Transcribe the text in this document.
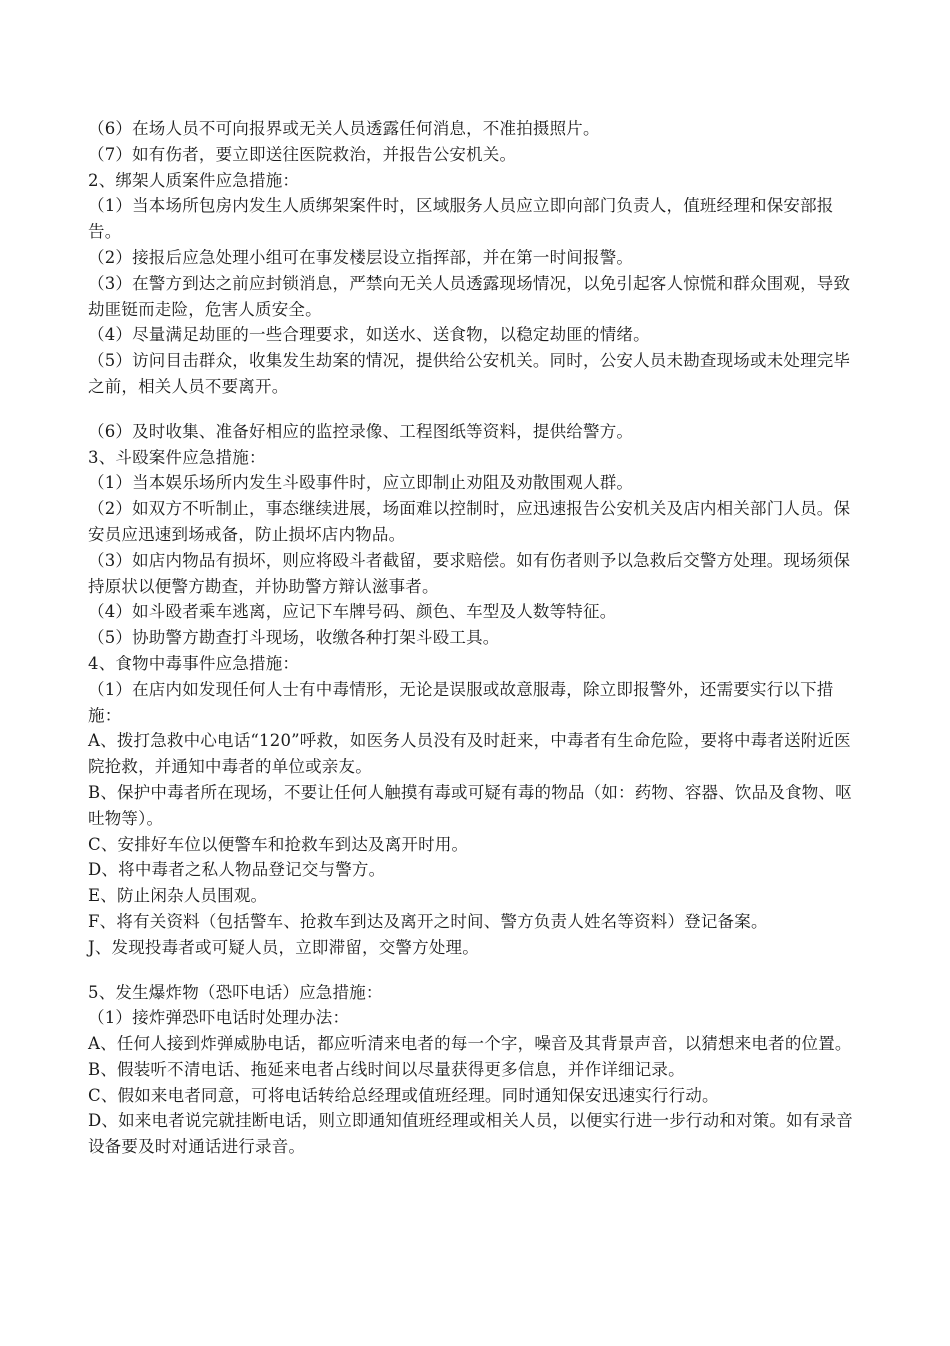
（6）在场人员不可向报界或无关人员透露任何消息，不准拍摄照片。

（7）如有伤者，要立即送往医院救治，并报告公安机关。

2、绑架人质案件应急措施：

（1）当本场所包房内发生人质绑架案件时，区域服务人员应立即向部门负责人，值班经理和保安部报告。

（2）接报后应急处理小组可在事发楼层设立指挥部，并在第一时间报警。

（3）在警方到达之前应封锁消息，严禁向无关人员透露现场情况，以免引起客人惊慌和群众围观，导致劫匪铤而走险，危害人质安全。

（4）尽量满足劫匪的一些合理要求，如送水、送食物，以稳定劫匪的情绪。

（5）访问目击群众，收集发生劫案的情况，提供给公安机关。同时，公安人员未勘查现场或未处理完毕之前，相关人员不要离开。

（6）及时收集、准备好相应的监控录像、工程图纸等资料，提供给警方。

3、斗殴案件应急措施：

（1）当本娱乐场所内发生斗殴事件时，应立即制止劝阻及劝散围观人群。

（2）如双方不听制止，事态继续进展，场面难以控制时，应迅速报告公安机关及店内相关部门人员。保安员应迅速到场戒备，防止损坏店内物品。

（3）如店内物品有损坏，则应将殴斗者截留，要求赔偿。如有伤者则予以急救后交警方处理。现场须保持原状以便警方勘查，并协助警方辩认滋事者。

（4）如斗殴者乘车逃离，应记下车牌号码、颜色、车型及人数等特征。

（5）协助警方勘查打斗现场，收缴各种打架斗殴工具。

4、食物中毒事件应急措施：

（1）在店内如发现任何人士有中毒情形，无论是误服或故意服毒，除立即报警外，还需要实行以下措施：

A、拨打急救中心电话“120”呼救，如医务人员没有及时赶来，中毒者有生命危险，要将中毒者送附近医院抢救，并通知中毒者的单位或亲友。

B、保护中毒者所在现场，不要让任何人触摸有毒或可疑有毒的物品（如：药物、容器、饮品及食物、呕吐物等）。

C、安排好车位以便警车和抢救车到达及离开时用。

D、将中毒者之私人物品登记交与警方。

E、防止闲杂人员围观。

F、将有关资料（包括警车、抢救车到达及离开之时间、警方负责人姓名等资料）登记备案。

J、发现投毒者或可疑人员，立即滞留，交警方处理。

5、发生爆炸物（恐吓电话）应急措施：

（1）接炸弹恐吓电话时处理办法：

A、任何人接到炸弹威胁电话，都应听清来电者的每一个字，噪音及其背景声音，以猜想来电者的位置。

B、假装听不清电话、拖延来电者占线时间以尽量获得更多信息，并作详细记录。

C、假如来电者同意，可将电话转给总经理或值班经理。同时通知保安迅速实行行动。

D、如来电者说完就挂断电话，则立即通知值班经理或相关人员，以便实行进一步行动和对策。如有录音设备要及时对通话进行录音。
